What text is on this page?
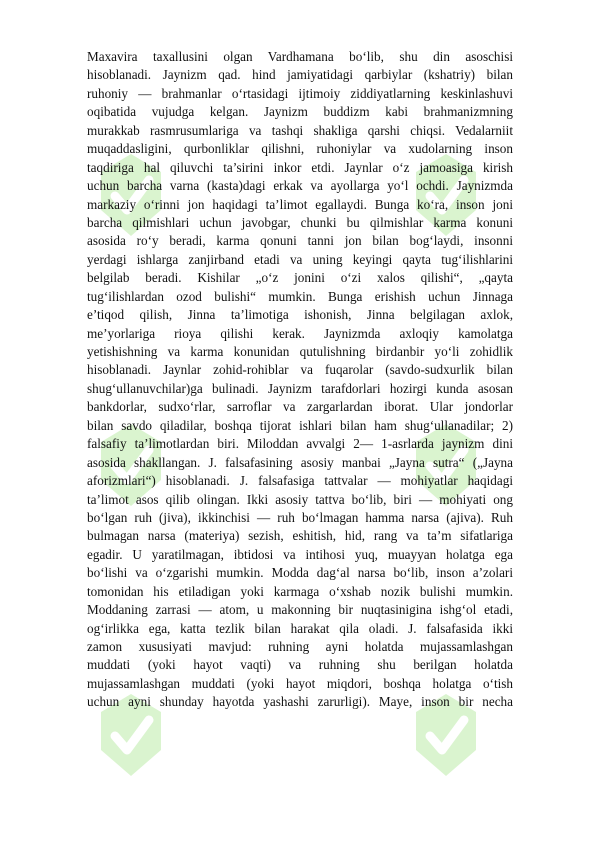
Maxavira taxallusini olgan Vardhamana bo‘lib, shu din asoschisi
hisoblanadi. Jaynizm qad. hind jamiyatidagi qarbiylar (kshatriy) bilan
ruhoniy — brahmanlar o‘rtasidagi ijtimoiy ziddiyatlarning keskinlashuvi
oqibatida vujudga kelgan. Jaynizm buddizm kabi brahmanizmning
murakkab rasmrusumlariga va tashqi shakliga qarshi chiqsi. Vedalarniit
muqaddasligini, qurbonliklar qilishni, ruhoniylar va xudolarning inson
taqdiriga hal qiluvchi ta’sirini inkor etdi. Jaynlar o‘z jamoasiga kirish
uchun barcha varna (kasta)dagi erkak va ayollarga yo‘l ochdi. Jaynizmda
markaziy o‘rinni jon haqidagi ta’limot egallaydi. Bunga ko‘ra, inson joni
barcha qilmishlari uchun javobgar, chunki bu qilmishlar karma konuni
asosida ro‘y beradi, karma qonuni tanni jon bilan bog‘laydi, insonni
yerdagi ishlarga zanjirband etadi va uning keyingi qayta tug‘ilishlarini
belgilab beradi. Kishilar „o‘z jonini o‘zi xalos qilishi“, „qayta
tug‘ilishlardan ozod bulishi“ mumkin. Bunga erishish uchun Jinnaga
e’tiqod qilish, Jinna ta’limotiga ishonish, Jinna belgilagan axlok,
me’yorlariga rioya qilishi kerak. Jaynizmda axloqiy kamolatga
yetishishning va karma konunidan qutulishning birdanbir yo‘li zohidlik
hisoblanadi. Jaynlar zohid-rohiblar va fuqarolar (savdo-sudxurlik bilan
shug‘ullanuvchilar)ga bulinadi. Jaynizm tarafdorlari hozirgi kunda asosan
bankdorlar, sudxo‘rlar, sarroflar va zargarlardan iborat. Ular jondorlar
bilan savdo qiladilar, boshqa tijorat ishlari bilan ham shug‘ullanadilar; 2)
falsafiy ta’limotlardan biri. Miloddan avvalgi 2— 1-asrlarda jaynizm dini
asosida shakllangan. J. falsafasining asosiy manbai „Jayna sutra“ („Jayna
aforizmlari“) hisoblanadi. J. falsafasiga tattvalar — mohiyatlar haqidagi
ta’limot asos qilib olingan. Ikki asosiy tattva bo‘lib, biri — mohiyati ong
bo‘lgan ruh (jiva), ikkinchisi — ruh bo‘lmagan hamma narsa (ajiva). Ruh
bulmagan narsa (materiya) sezish, eshitish, hid, rang va ta’m sifatlariga
egadir. U yaratilmagan, ibtidosi va intihosi yuq, muayyan holatga ega
bo‘lishi va o‘zgarishi mumkin. Modda dag‘al narsa bo‘lib, inson a’zolari
tomonidan his etiladigan yoki karmaga o‘xshab nozik bulishi mumkin.
Moddaning zarrasi — atom, u makonning bir nuqtasinigina ishg‘ol etadi,
og‘irlikka ega, katta tezlik bilan harakat qila oladi. J. falsafasida ikki
zamon xususiyati mavjud: ruhning ayni holatda mujassamlashgan
muddati (yoki hayot vaqti) va ruhning shu berilgan holatda
mujassamlashgan muddati (yoki hayot miqdori, boshqa holatga o‘tish
uchun ayni shunday hayotda yashashi zarurligi). Maye, inson bir necha
